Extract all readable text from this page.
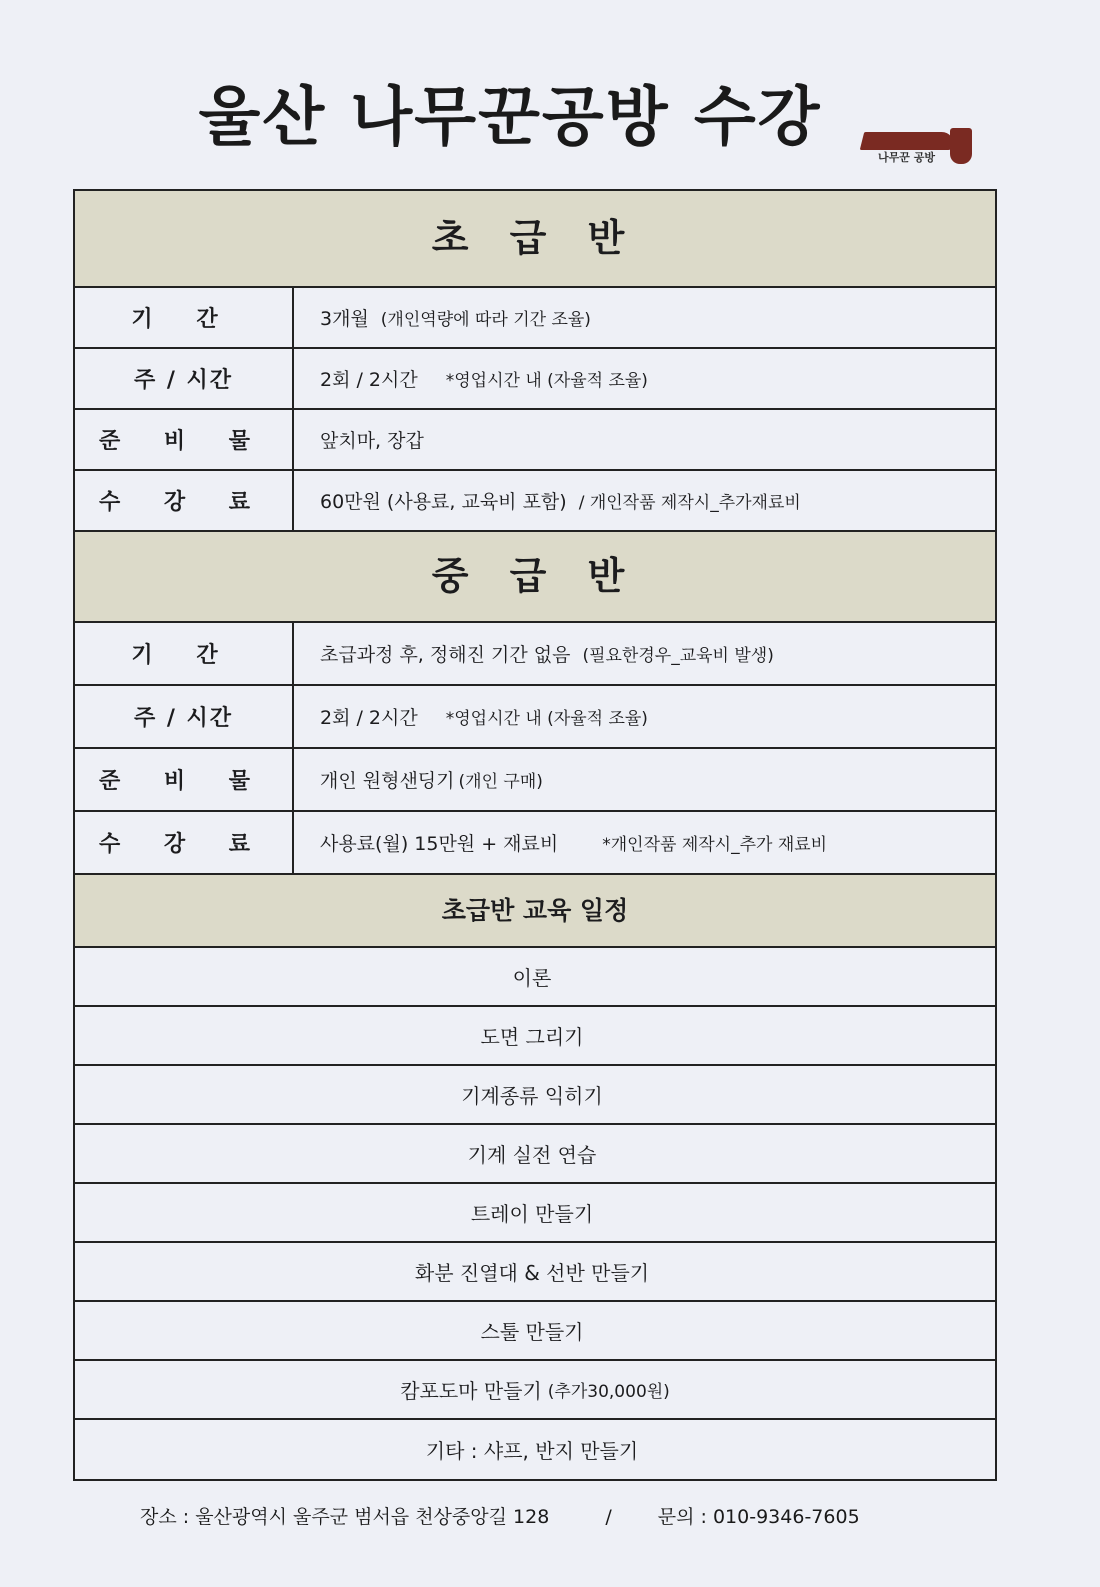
울산 나무꾼공방 수강
나무꾼 공방
초 급 반
기 간	3개월 (개인역량에 따라 기간 조율)
주 / 시간	2회 / 2시간 *영업시간 내 (자율적 조율)
준 비 물	앞치마, 장갑
수 강 료	60만원 (사용료, 교육비 포함) / 개인작품 제작시_추가재료비
중 급 반
기 간	초급과정 후, 정해진 기간 없음 (필요한경우_교육비 발생)
주 / 시간	2회 / 2시간 *영업시간 내 (자율적 조율)
준 비 물	개인 원형샌딩기 (개인 구매)
수 강 료	사용료(월) 15만원 + 재료비	*개인작품 제작시_추가 재료비
초급반 교육 일정
이론
도면 그리기
기계종류 익히기
기계 실전 연습
트레이 만들기
화분 진열대 & 선반 만들기
스툴 만들기
캄포도마 만들기 (추가30,000원)
기타 : 샤프, 반지 만들기
장소 : 울산광역시 울주군 범서읍 천상중앙길 128	/ 문의 : 010-9346-7605
